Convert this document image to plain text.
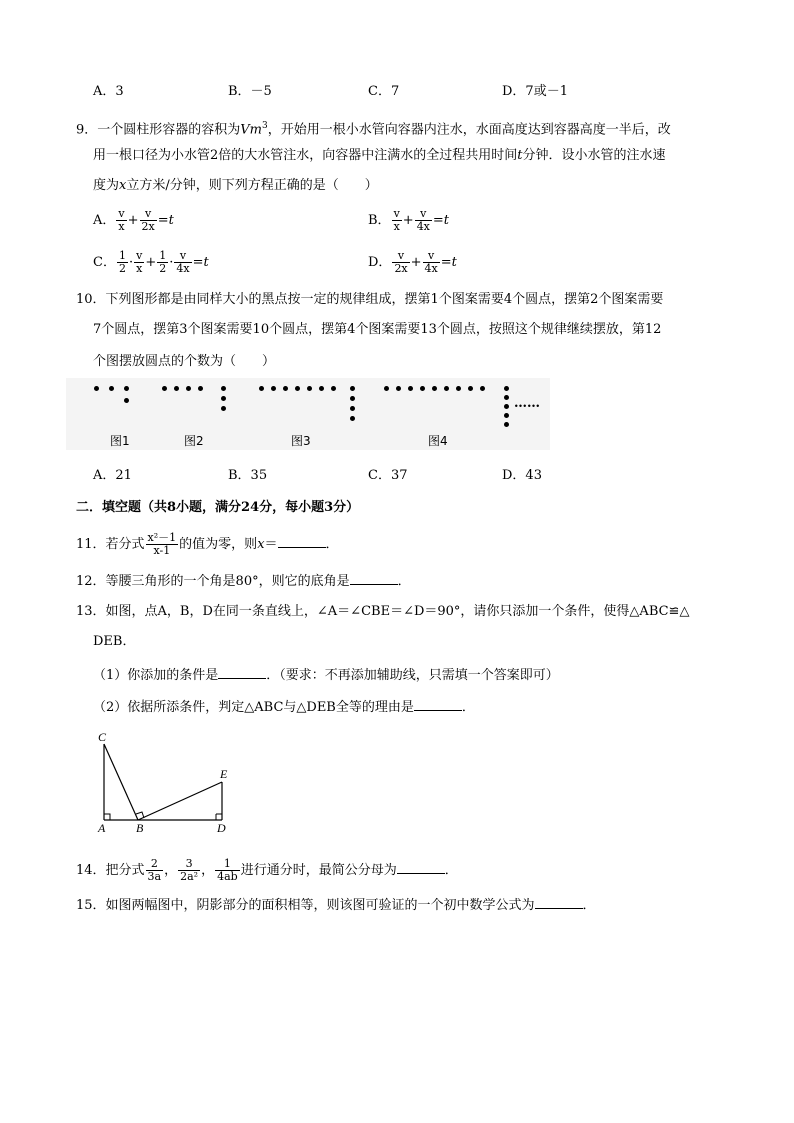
A．3	B．－5	C．7	D．7或－1
9．一个圆柱形容器的容积为Vm$^3$，开始用一根小水管向容器内注水，水面高度达到容器高度一半后，改
用一根口径为小水管2倍的大水管注水，向容器中注满水的全过程共用时间t分钟．设小水管的注水速
度为x立方米/分钟，则下列方程正确的是（　　）
A． $\frac{v}{x} + \frac{v}{2x} =t$	B． $\frac{v}{x} + \frac{v}{4x} =t$
C． $\frac{1}{2} \cdot \frac{v}{x} + \frac{1}{2} \cdot \frac{v}{4x} =t$	D． $\frac{v}{2x} + \frac{v}{4x} =t$
10．下列图形都是由同样大小的黑点按一定的规律组成，摆第1个图案需要4个圆点，摆第2个图案需要
7个圆点，摆第3个图案需要10个圆点，摆第4个图案需要13个圆点，按照这个规律继续摆放，第12
个图摆放圆点的个数为（　　）
……
图1	图2	图3	图4
A．21	B．35	C．37	D．43
二．填空题（共8小题，满分24分，每小题3分）
11．若分式 $\frac{\text{x²－1}}{x-1}$ 的值为零，则x＝	．
12．等腰三角形的一个角是80°，则它的底角是	．
13．如图，点A，B，D在同一条直线上，∠A＝∠CBE＝∠D＝90°，请你只添加一个条件，使得△ABC≌△
DEB．
（1）你添加的条件是	．（要求：不再添加辅助线，只需填一个答案即可）
（2）依据所添条件，判定△ABC与△DEB全等的理由是	．
C
E
A	B	D
14．把分式 $\frac{2}{3a}$ ， $\frac{3}{\text{2a²}}$ ， $\frac{1}{4ab}$ 进行通分时，最简公分母为	．
15．如图两幅图中，阴影部分的面积相等，则该图可验证的一个初中数学公式为	．
